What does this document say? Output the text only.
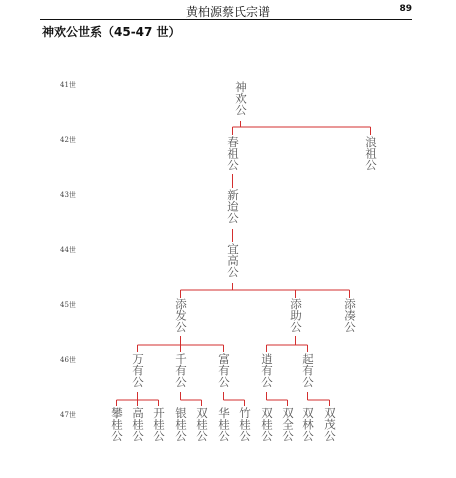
黄柏源蔡氏宗谱	89
神欢公世系（45-47 世）
41世
42世
43世
44世
45世
46世
47世
神欢公
春祖公	浪祖公
新迨公
宜高公
添发公	添助公	添凑公
万有公	千有公	富有公	逍有公 起有公
攀桂公 高桂公 开桂公 银桂公 双桂公 华桂公 竹桂公 双桂公 双全公 双林公 双茂公
